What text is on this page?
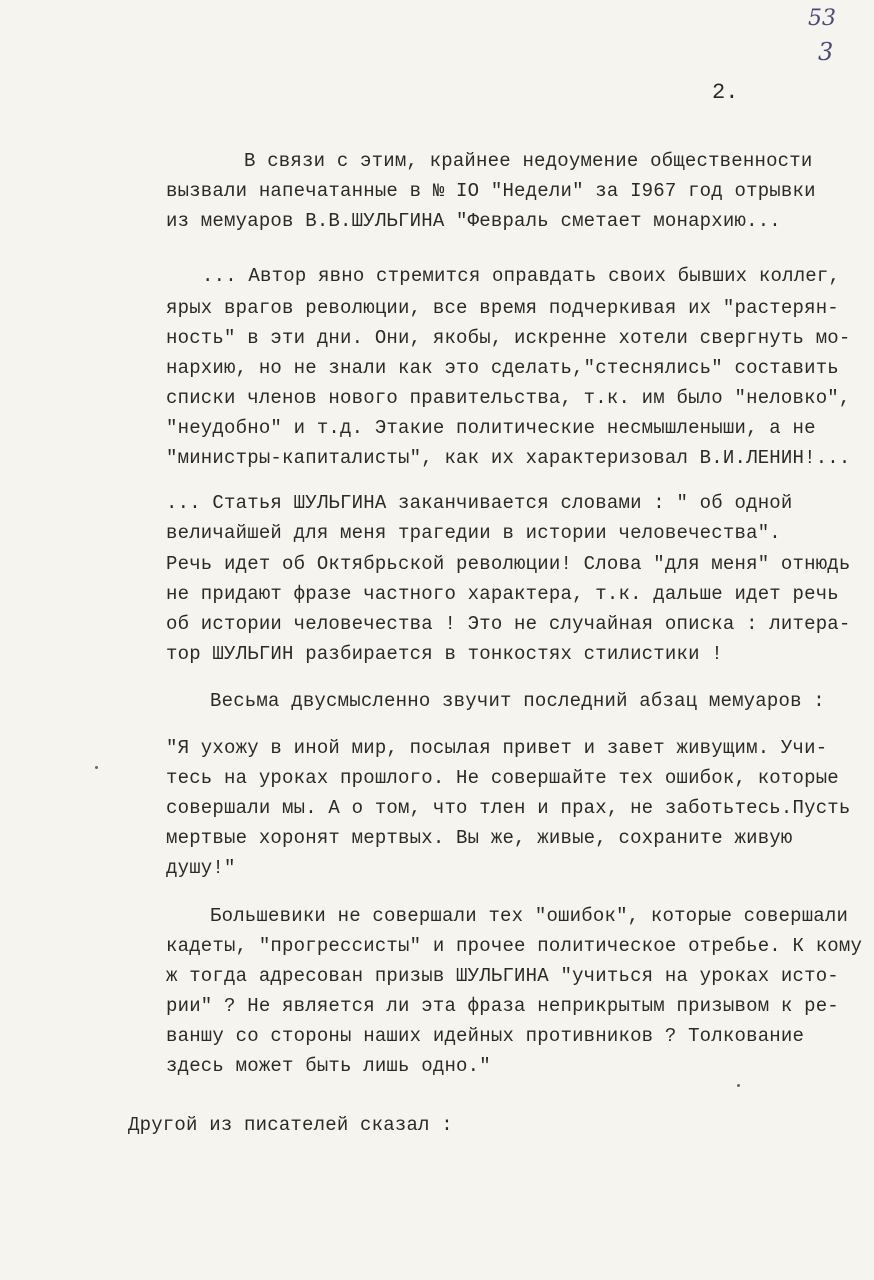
53
3
2.
В связи с этим, крайнее недоумение общественности
вызвали напечатанные в № IO "Недели" за I967 год отрывки
из мемуаров В.В.ШУЛЬГИНА "Февраль сметает монархию...
... Автор явно стремится оправдать своих бывших коллег,
ярых врагов революции, все время подчеркивая их "растерян-
ность" в эти дни. Они, якобы, искренне хотели свергнуть мо-
нархию, но не знали как это сделать,"стеснялись" составить
списки членов нового правительства, т.к. им было "неловко",
"неудобно" и т.д. Этакие политические несмышленыши, а не
"министры-капиталисты", как их характеризовал В.И.ЛЕНИН!...
... Статья ШУЛЬГИНА заканчивается словами : " об одной
величайшей для меня трагедии в истории человечества".
Речь идет об Октябрьской революции! Слова "для меня" отнюдь
не придают фразе частного характера, т.к. дальше идет речь
об истории человечества ! Это не случайная описка : литера-
тор ШУЛЬГИН разбирается в тонкостях стилистики !
Весьма двусмысленно звучит последний абзац мемуаров :
"Я ухожу в иной мир, посылая привет и завет живущим. Учи-
тесь на уроках прошлого. Не совершайте тех ошибок, которые
совершали мы. А о том, что тлен и прах, не заботьтесь.Пусть
мертвые хоронят мертвых. Вы же, живые, сохраните живую
душу!"
Большевики не совершали тех "ошибок", которые совершали
кадеты, "прогрессисты" и прочее политическое отребье. К кому
ж тогда адресован призыв ШУЛЬГИНА "учиться на уроках исто-
рии" ? Не является ли эта фраза неприкрытым призывом к ре-
ваншу со стороны наших идейных противников ? Толкование
здесь может быть лишь одно."
Другой из писателей сказал :
